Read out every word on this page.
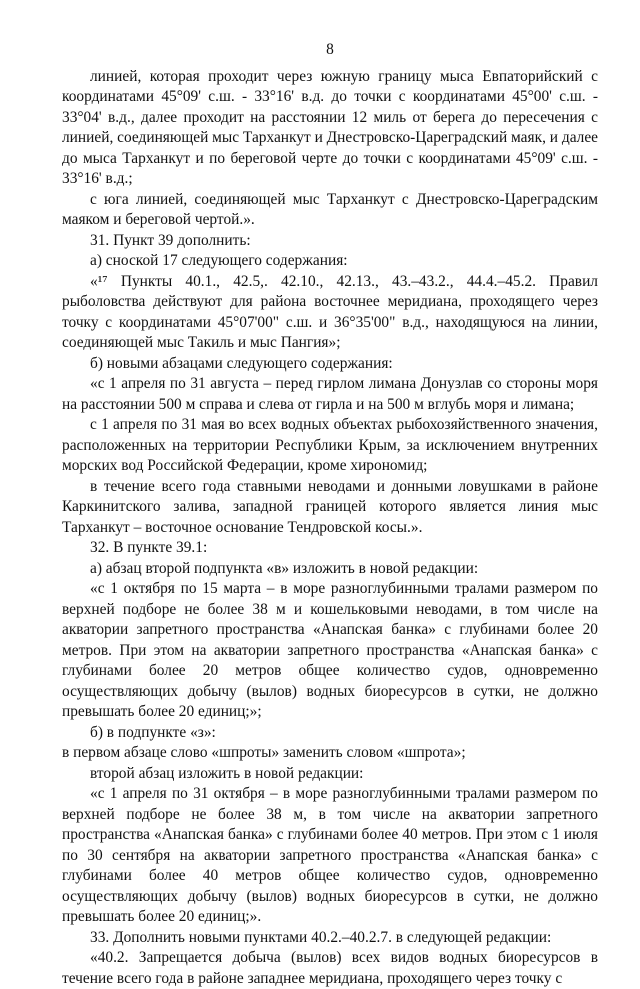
8

линией, которая проходит через южную границу мыса Евпаторийский с координатами 45°09' с.ш. - 33°16' в.д. до точки с координатами 45°00' с.ш. - 33°04' в.д., далее проходит на расстоянии 12 миль от берега до пересечения с линией, соединяющей мыс Тарханкут и Днестровско-Цареградский маяк, и далее до мыса Тарханкут и по береговой черте до точки с координатами 45°09' с.ш. - 33°16' в.д.;

с юга линией, соединяющей мыс Тарханкут с Днестровско-Цареградским маяком и береговой чертой.».

31. Пункт 39 дополнить:

а) сноской 17 следующего содержания:

«¹⁷ Пункты 40.1., 42.5,. 42.10., 42.13., 43.–43.2., 44.4.–45.2. Правил рыболовства действуют для района восточнее меридиана, проходящего через точку с координатами 45°07'00" с.ш. и 36°35'00" в.д., находящуюся на линии, соединяющей мыс Такиль и мыс Пангия»;

б) новыми абзацами следующего содержания:

«с 1 апреля по 31 августа – перед гирлом лимана Донузлав со стороны моря на расстоянии 500 м справа и слева от гирла и на 500 м вглубь моря и лимана;

с 1 апреля по 31 мая во всех водных объектах рыбохозяйственного значения, расположенных на территории Республики Крым, за исключением внутренних морских вод Российской Федерации, кроме хирономид;

в течение всего года ставными неводами и донными ловушками в районе Каркинитского залива, западной границей которого является линия мыс Тарханкут – восточное основание Тендровской косы.».

32. В пункте 39.1:

а) абзац второй подпункта «в» изложить в новой редакции:

«с 1 октября по 15 марта – в море разноглубинными тралами размером по верхней подборе не более 38 м и кошельковыми неводами, в том числе на акватории запретного пространства «Анапская банка» с глубинами более 20 метров. При этом на акватории запретного пространства «Анапская банка» с глубинами более 20 метров общее количество судов, одновременно осуществляющих добычу (вылов) водных биоресурсов в сутки, не должно превышать более 20 единиц;»;

б) в подпункте «з»:

в первом абзаце слово «шпроты» заменить словом «шпрота»;

второй абзац изложить в новой редакции:

«с 1 апреля по 31 октября – в море разноглубинными тралами размером по верхней подборе не более 38 м, в том числе на акватории запретного пространства «Анапская банка» с глубинами более 40 метров. При этом с 1 июля по 30 сентября на акватории запретного пространства «Анапская банка» с глубинами более 40 метров общее количество судов, одновременно осуществляющих добычу (вылов) водных биоресурсов в сутки, не должно превышать более 20 единиц;».

33. Дополнить новыми пунктами 40.2.–40.2.7. в следующей редакции:

«40.2. Запрещается добыча (вылов) всех видов водных биоресурсов в течение всего года в районе западнее меридиана, проходящего через точку с
